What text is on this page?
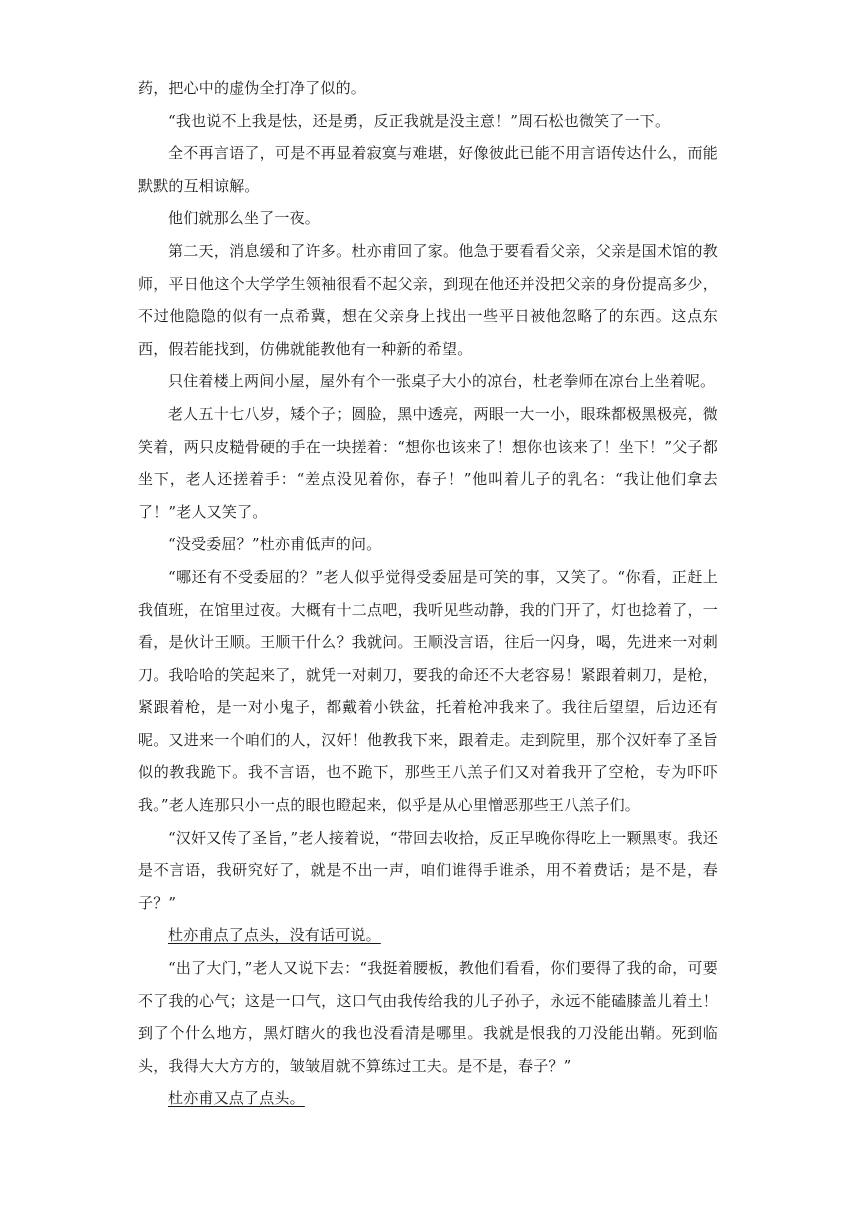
药，把心中的虚伪全打净了似的。

“我也说不上我是怯，还是勇，反正我就是没主意！”周石松也微笑了一下。

全不再言语了，可是不再显着寂寞与难堪，好像彼此已能不用言语传达什么，而能默默的互相谅解。

他们就那么坐了一夜。

第二天，消息缓和了许多。杜亦甫回了家。他急于要看看父亲，父亲是国术馆的教师，平日他这个大学学生领袖很看不起父亲，到现在他还并没把父亲的身份提高多少，不过他隐隐的似有一点希冀，想在父亲身上找出一些平日被他忽略了的东西。这点东西，假若能找到，仿佛就能教他有一种新的希望。

只住着楼上两间小屋，屋外有个一张桌子大小的凉台，杜老拳师在凉台上坐着呢。

老人五十七八岁，矮个子；圆脸，黑中透亮，两眼一大一小，眼珠都极黑极亮，微笑着，两只皮糙骨硬的手在一块搓着：“想你也该来了！想你也该来了！坐下！”父子都坐下，老人还搓着手：“差点没见着你，春子！”他叫着儿子的乳名：“我让他们拿去了！”老人又笑了。

“没受委屈？”杜亦甫低声的问。

“哪还有不受委屈的？”老人似乎觉得受委屈是可笑的事，又笑了。“你看，正赶上我值班，在馆里过夜。大概有十二点吧，我听见些动静，我的门开了，灯也捻着了，一看，是伙计王顺。王顺干什么？我就问。王顺没言语，往后一闪身，喝，先进来一对刺刀。我哈哈的笑起来了，就凭一对刺刀，要我的命还不大老容易！紧跟着刺刀，是枪，紧跟着枪，是一对小鬼子，都戴着小铁盆，托着枪冲我来了。我往后望望，后边还有呢。又进来一个咱们的人，汉奸！他教我下来，跟着走。走到院里，那个汉奸奉了圣旨似的教我跪下。我不言语，也不跪下，那些王八羔子们又对着我开了空枪，专为吓吓我。”老人连那只小一点的眼也瞪起来，似乎是从心里憎恶那些王八羔子们。

“汉奸又传了圣旨，”老人接着说，“带回去收拾，反正早晚你得吃上一颗黑枣。我还是不言语，我研究好了，就是不出一声，咱们谁得手谁杀，用不着费话；是不是，春子？”

杜亦甫点了点头，没有话可说。

“出了大门，”老人又说下去：“我挺着腰板，教他们看看，你们要得了我的命，可要不了我的心气；这是一口气，这口气由我传给我的儿子孙子，永远不能磕膝盖儿着土！到了个什么地方，黑灯瞎火的我也没看清是哪里。我就是恨我的刀没能出鞘。死到临头，我得大大方方的，皱皱眉就不算练过工夫。是不是，春子？”

杜亦甫又点了点头。
